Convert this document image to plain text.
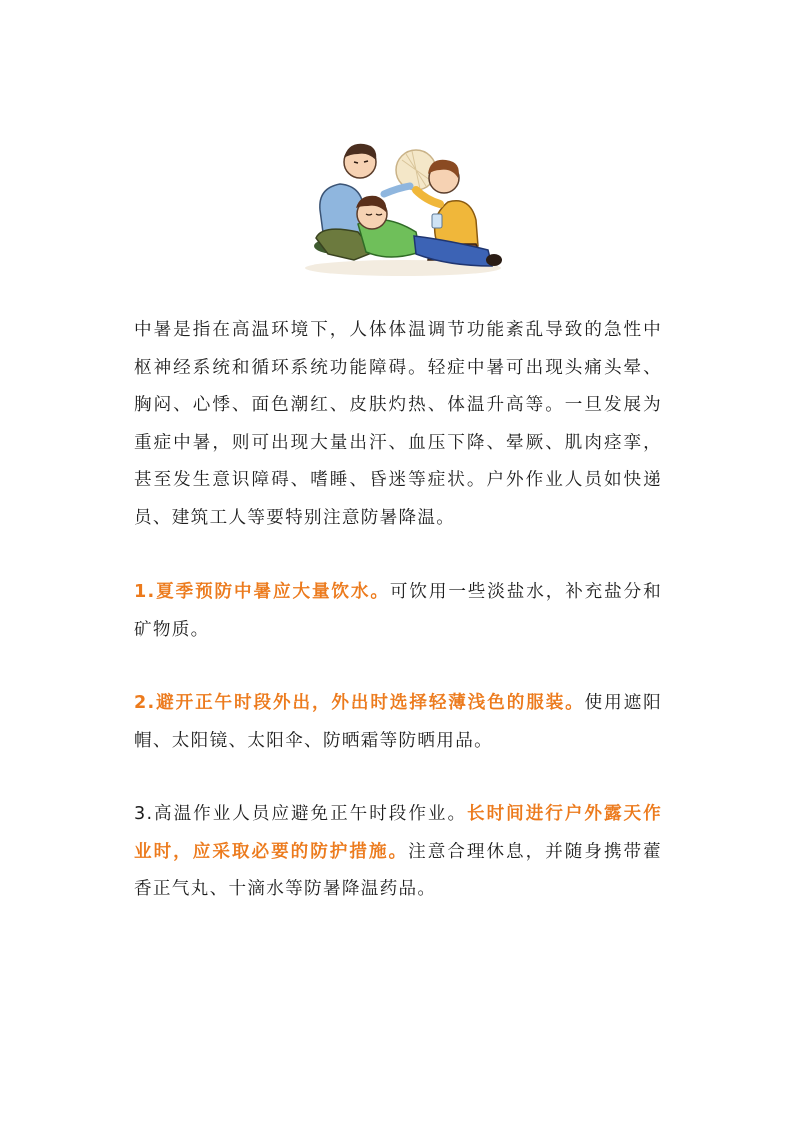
中暑是指在高温环境下，人体体温调节功能紊乱导致的急性中枢神经系统和循环系统功能障碍。轻症中暑可出现头痛头晕、胸闷、心悸、面色潮红、皮肤灼热、体温升高等。一旦发展为重症中暑，则可出现大量出汗、血压下降、晕厥、肌肉痉挛，甚至发生意识障碍、嗜睡、昏迷等症状。户外作业人员如快递员、建筑工人等要特别注意防暑降温。

1.夏季预防中暑应大量饮水。可饮用一些淡盐水，补充盐分和矿物质。

2.避开正午时段外出，外出时选择轻薄浅色的服装。使用遮阳帽、太阳镜、太阳伞、防晒霜等防晒用品。

3.高温作业人员应避免正午时段作业。长时间进行户外露天作业时，应采取必要的防护措施。注意合理休息，并随身携带藿香正气丸、十滴水等防暑降温药品。
